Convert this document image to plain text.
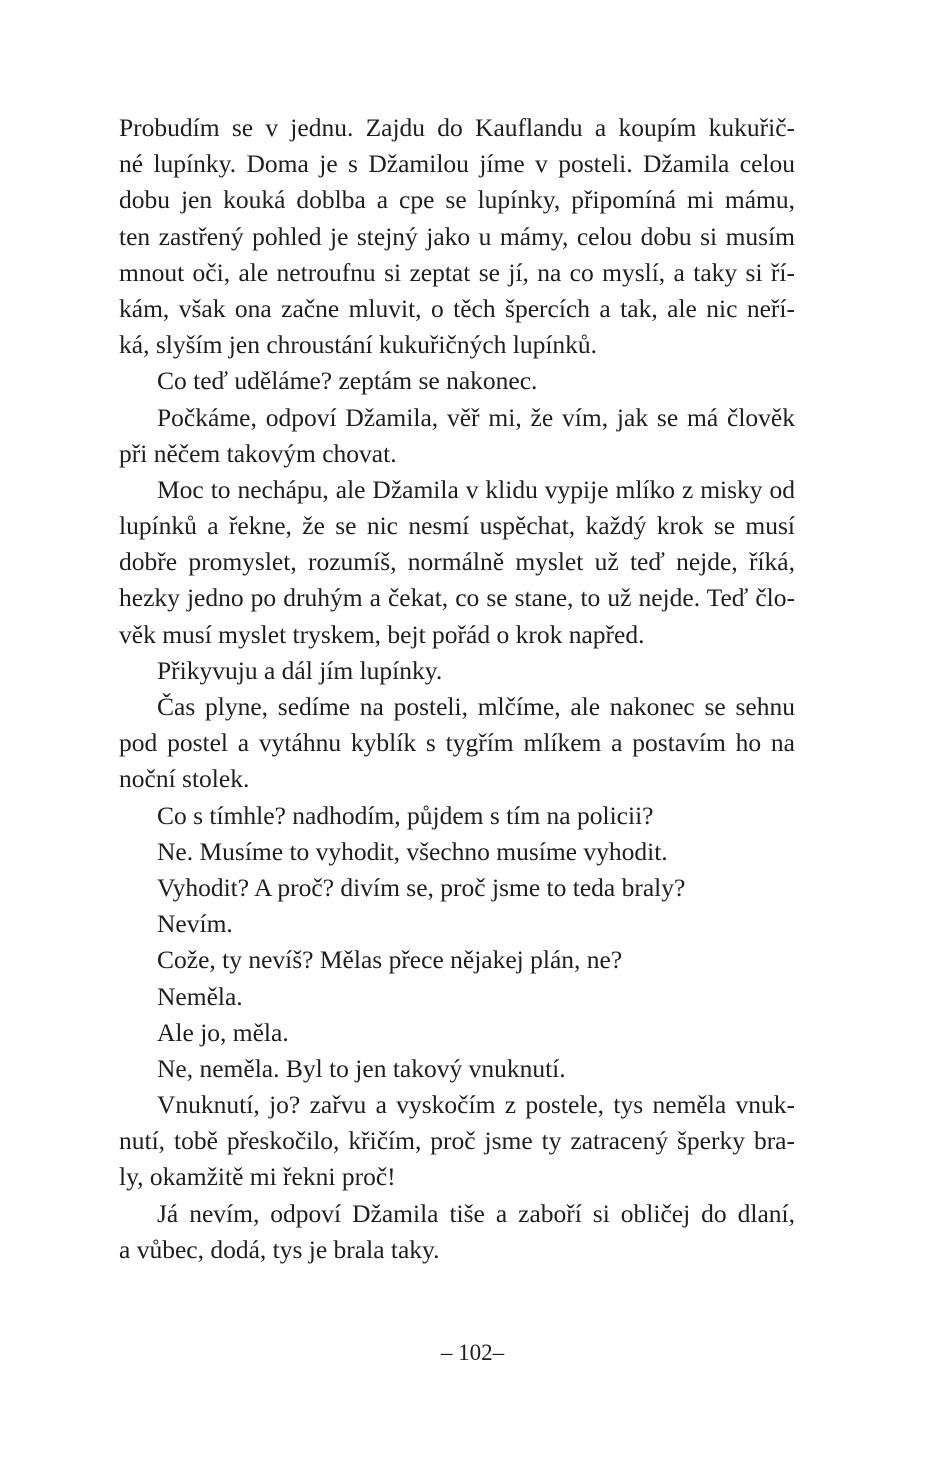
Probudím se v jednu. Zajdu do Kauflandu a koupím kukuřič-
né lupínky. Doma je s Džamilou jíme v posteli. Džamila celou
dobu jen kouká doblba a cpe se lupínky, připomíná mi mámu,
ten zastřený pohled je stejný jako u mámy, celou dobu si musím
mnout oči, ale netroufnu si zeptat se jí, na co myslí, a taky si ří-
kám, však ona začne mluvit, o těch špercích a tak, ale nic neří-
ká, slyším jen chroustání kukuřičných lupínků.
Co teď uděláme? zeptám se nakonec.
Počkáme, odpoví Džamila, věř mi, že vím, jak se má člověk
při něčem takovým chovat.
Moc to nechápu, ale Džamila v klidu vypije mlíko z misky od
lupínků a řekne, že se nic nesmí uspěchat, každý krok se musí
dobře promyslet, rozumíš, normálně myslet už teď nejde, říká,
hezky jedno po druhým a čekat, co se stane, to už nejde. Teď člo-
věk musí myslet tryskem, bejt pořád o krok napřed.
Přikyvuju a dál jím lupínky.
Čas plyne, sedíme na posteli, mlčíme, ale nakonec se sehnu
pod postel a vytáhnu kyblík s tygřím mlíkem a postavím ho na
noční stolek.
Co s tímhle? nadhodím, půjdem s tím na policii?
Ne. Musíme to vyhodit, všechno musíme vyhodit.
Vyhodit? A proč? divím se, proč jsme to teda braly?
Nevím.
Cože, ty nevíš? Mělas přece nějakej plán, ne?
Neměla.
Ale jo, měla.
Ne, neměla. Byl to jen takový vnuknutí.
Vnuknutí, jo? zařvu a vyskočím z postele, tys neměla vnuk-
nutí, tobě přeskočilo, křičím, proč jsme ty zatracený šperky bra-
ly, okamžitě mi řekni proč!
Já nevím, odpoví Džamila tiše a zaboří si obličej do dlaní,
a vůbec, dodá, tys je brala taky.
– 102–
